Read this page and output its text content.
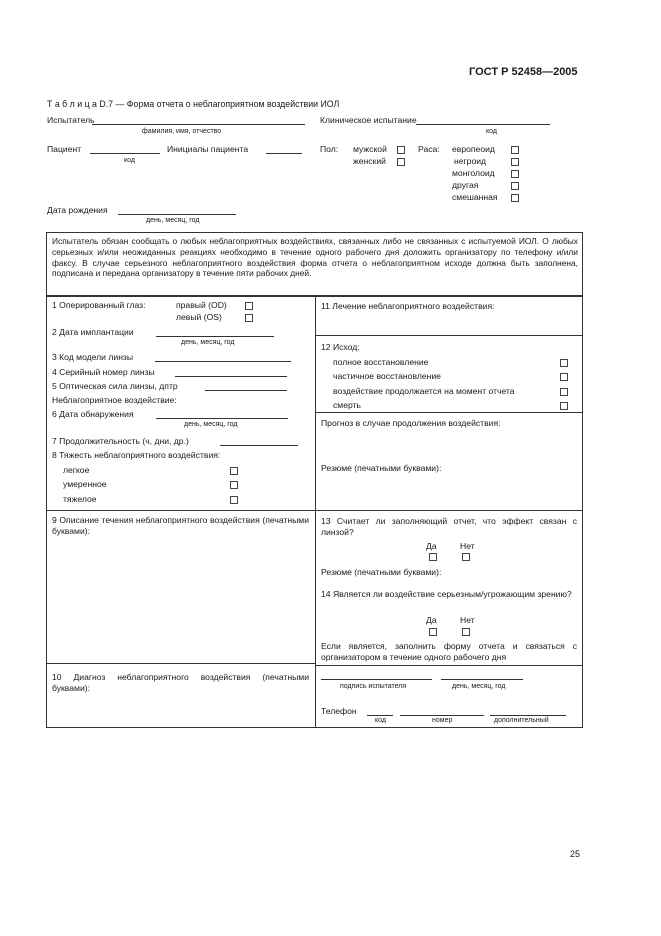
ГОСТ Р 52458—2005
Т а б л и ц а D.7 — Форма отчета о неблагоприятном воздействии ИОЛ
Испытатель
фамилия, имя, отчество
Клиническое испытание
код
Пациент
код
Инициалы пациента	Пол: мужской
женский
Раса: европеоид
негроид
монголоид
другая
смешанная
Дата рождения
день, месяц, год
Испытатель обязан сообщать о любых неблагоприятных воздействиях, связанных либо не связанных с испытуемой ИОЛ. О любых серьезных и/или неожиданных реакциях необходимо в течение одного рабочего дня доложить организатору по телефону и/или факсу. В случае серьезного неблагоприятного воздействия форма отчета о неблагоприятном исходе должна быть заполнена, подписана и передана организатору в течение пяти рабочих дней.
1 Оперированный глаз:	правый (OD)
левый (OS)
2 Дата имплантации
день, месяц, год
3 Код модели линзы
4 Серийный номер линзы
5 Оптическая сила линзы, дптр
Неблагоприятное воздействие:
6 Дата обнаружения
день, месяц, год
7 Продолжительность (ч, дни, др.)
8 Тяжесть неблагоприятного воздействия:
легкое
умеренное
тяжелое
9 Описание течения неблагоприятного воздействия (печатными буквами):
10 Диагноз неблагоприятного воздействия (печатными буквами):
11 Лечение неблагоприятного воздействия:
12 Исход:
полное восстановление
частичное восстановление
воздействие продолжается на момент отчета
смерть
Прогноз в случае продолжения воздействия:
Резюме (печатными буквами):
13 Считает ли заполняющий отчет, что эффект связан с линзой?
Да	Нет
Резюме (печатными буквами):
14 Является ли воздействие серьезным/угрожающим зрению?
Да	Нет
Если является, заполнить форму отчета и связаться с организатором в течение одного рабочего дня
подпись испытателя	день, месяц, год
Телефон
код	номер	дополнительный
25
